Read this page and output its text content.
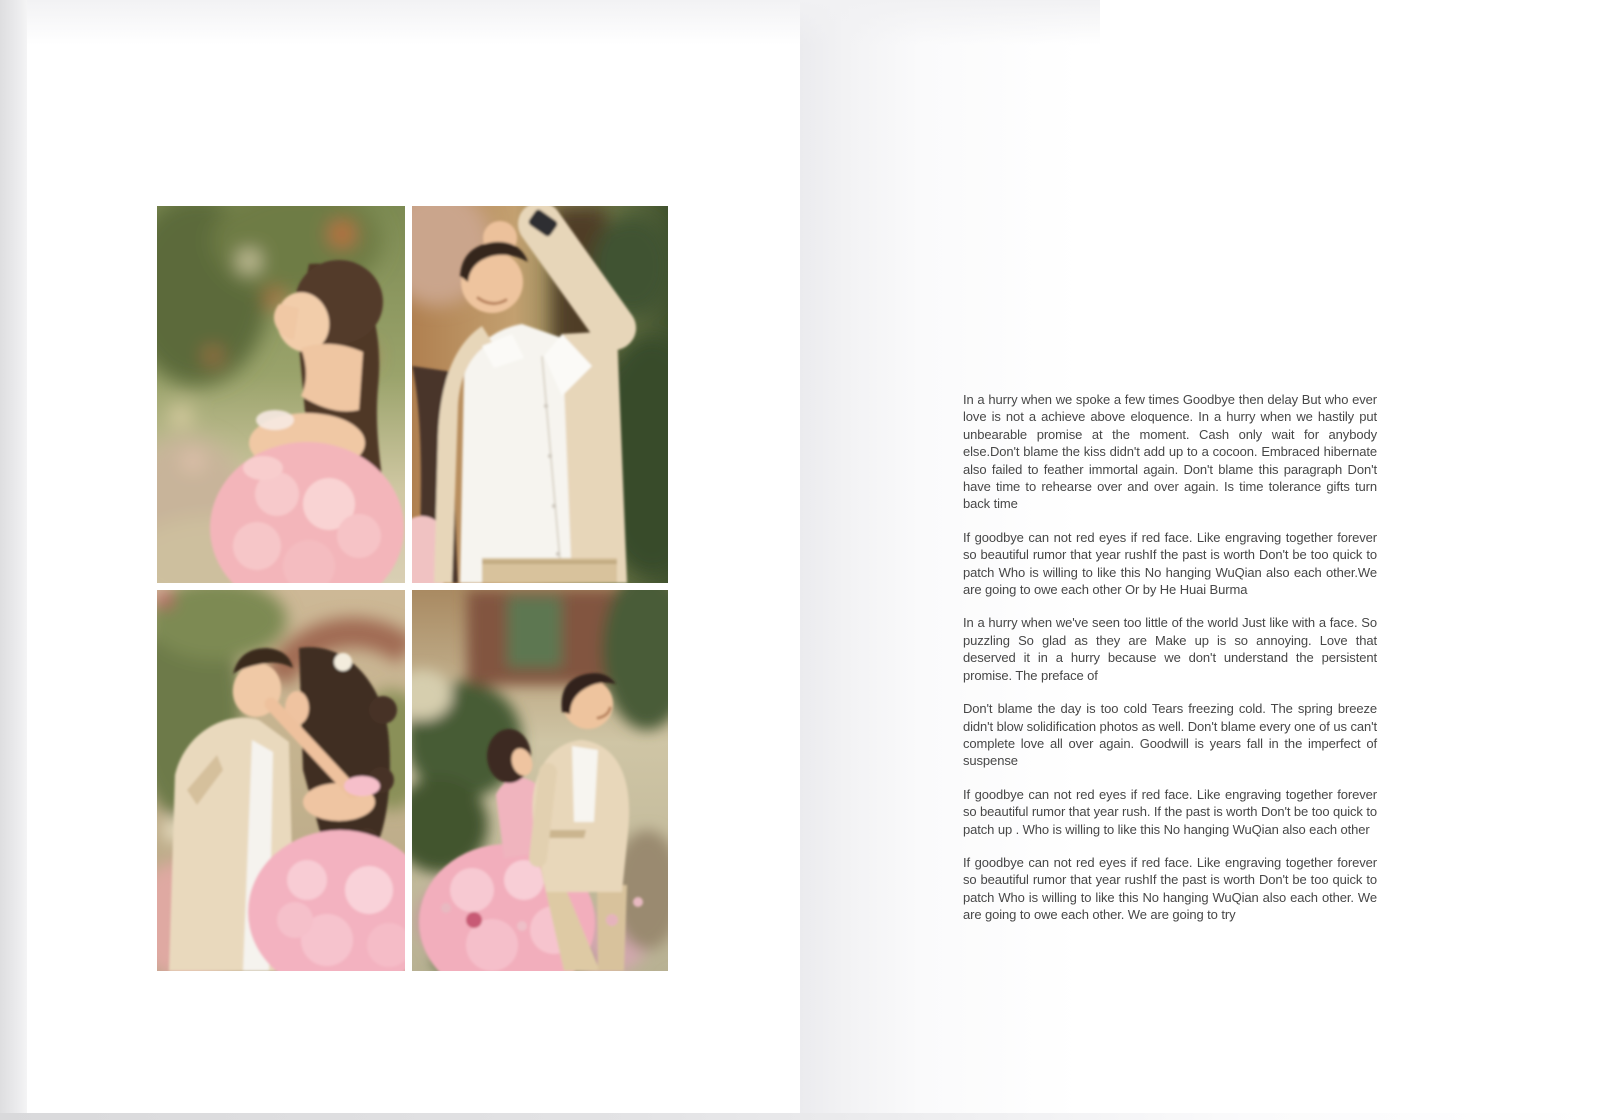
In a hurry when we spoke a few times Goodbye then delay But who ever love is not a achieve above eloquence. In a hurry when we hastily put unbearable promise at the moment. Cash only wait for anybody else.Don't blame the kiss didn't add up to a cocoon. Embraced hibernate also failed to feather immortal again. Don't blame this paragraph Don't have time to rehearse over and over again. Is time tolerance gifts turn back time

If goodbye can not red eyes if red face. Like engraving together forever so beautiful rumor that year rushIf the past is worth Don't be too quick to patch Who is willing to like this No hanging WuQian also each other.We are going to owe each other Or by He Huai Burma

In a hurry when we've seen too little of the world Just like with a face. So puzzling So glad as they are Make up is so annoying. Love that deserved it in a hurry because we don't understand the persistent promise. The preface of

Don't blame the day is too cold Tears freezing cold. The spring breeze didn't blow solidification photos as well. Don't blame every one of us can't complete love all over again. Goodwill is years fall in the imperfect of suspense

If goodbye can not red eyes if red face. Like engraving together forever so beautiful rumor that year rush. If the past is worth Don't be too quick to patch up . Who is willing to like this No hanging WuQian also each other

If goodbye can not red eyes if red face. Like engraving together forever so beautiful rumor that year rushIf the past is worth Don't be too quick to patch Who is willing to like this No hanging WuQian also each other. We are going to owe each other. We are going to try
